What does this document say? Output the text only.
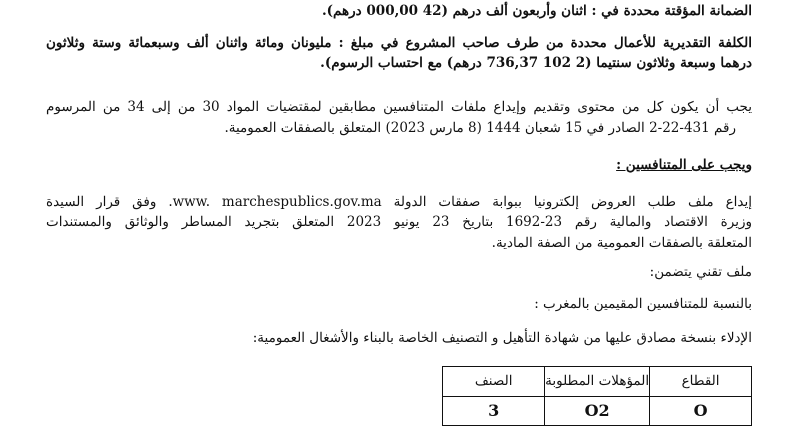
الضمانة المؤقتة محددة في : اثنان وأربعون ألف درهم (42 000,00 درهم).
الكلفة التقديرية للأعمال محددة من طرف صاحب المشروع في مبلغ : مليونان ومائة واثنان ألف وسبعمائة وستة وثلاثون
درهما وسبعة وثلاثون سنتيما (2 102 736,37 درهم) مع احتساب الرسوم).
يجب أن يكون كل من محتوى وتقديم وإيداع ملفات المتنافسين مطابقين لمقتضيات المواد 30 من إلى 34 من المرسوم
رقم 431-22-2 الصادر في 15 شعبان 1444 (8 مارس 2023) المتعلق بالصفقات العمومية.
ويجب على المتنافسين :
إيداع ملف طلب العروض إلكترونيا ببوابة صفقات الدولة www. marchespublics.gov.ma. وفق قرار السيدة
وزيرة الاقتصاد والمالية رقم 23-1692 بتاريخ 23 يونيو 2023 المتعلق بتجريد المساطر والوثائق والمستندات
المتعلقة بالصفقات العمومية من الصفة المادية.
ملف تقني يتضمن:
بالنسبة للمتنافسين المقيمين بالمغرب :
الإدلاء بنسخة مصادق عليها من شهادة التأهيل و التصنيف الخاصة بالبناء والأشغال العمومية:
القطاع	المؤهلات المطلوبة	الصنف
O	O2	3
